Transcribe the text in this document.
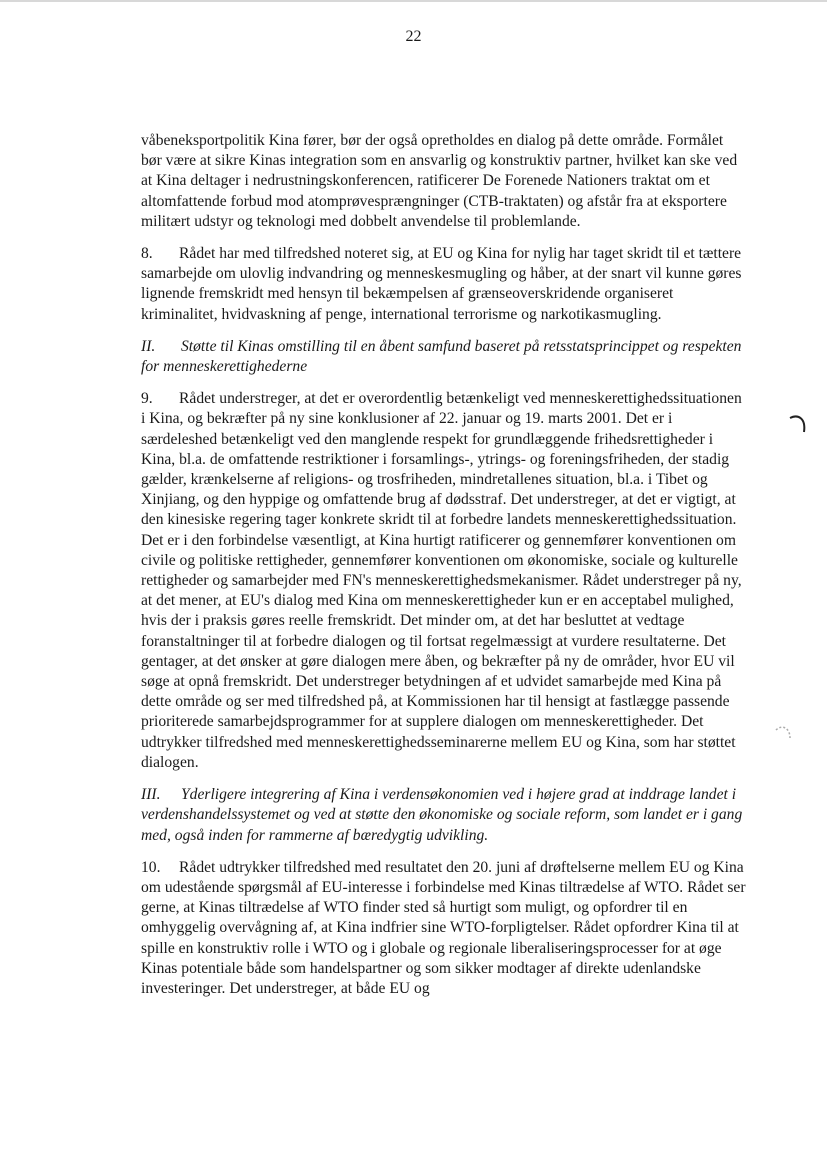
22

våbeneksportpolitik Kina fører, bør der også opretholdes en dialog på dette område. Formålet bør være at sikre Kinas integration som en ansvarlig og konstruktiv partner, hvilket kan ske ved at Kina deltager i nedrustningskonferencen, ratificerer De Forenede Nationers traktat om et altomfattende forbud mod atomprøvesprængninger (CTB-traktaten) og afstår fra at eksportere militært udstyr og teknologi med dobbelt anvendelse til problemlande.

8. Rådet har med tilfredshed noteret sig, at EU og Kina for nylig har taget skridt til et tættere samarbejde om ulovlig indvandring og menneskesmugling og håber, at der snart vil kunne gøres lignende fremskridt med hensyn til bekæmpelsen af grænseoverskridende organiseret kriminalitet, hvidvaskning af penge, international terrorisme og narkotikasmugling.

II. Støtte til Kinas omstilling til en åbent samfund baseret på retsstatsprincippet og respekten for menneskerettighederne

9. Rådet understreger, at det er overordentlig betænkeligt ved menneskerettighedssituationen i Kina, og bekræfter på ny sine konklusioner af 22. januar og 19. marts 2001. Det er i særdeleshed betænkeligt ved den manglende respekt for grundlæggende frihedsrettigheder i Kina, bl.a. de omfattende restriktioner i forsamlings-, ytrings- og foreningsfriheden, der stadig gælder, krænkelserne af religions- og trosfriheden, mindretallenes situation, bl.a. i Tibet og Xinjiang, og den hyppige og omfattende brug af dødsstraf. Det understreger, at det er vigtigt, at den kinesiske regering tager konkrete skridt til at forbedre landets menneskerettighedssituation. Det er i den forbindelse væsentligt, at Kina hurtigt ratificerer og gennemfører konventionen om civile og politiske rettigheder, gennemfører konventionen om økonomiske, sociale og kulturelle rettigheder og samarbejder med FN's menneskerettighedsmekanismer. Rådet understreger på ny, at det mener, at EU's dialog med Kina om menneskerettigheder kun er en acceptabel mulighed, hvis der i praksis gøres reelle fremskridt. Det minder om, at det har besluttet at vedtage foranstaltninger til at forbedre dialogen og til fortsat regelmæssigt at vurdere resultaterne. Det gentager, at det ønsker at gøre dialogen mere åben, og bekræfter på ny de områder, hvor EU vil søge at opnå fremskridt. Det understreger betydningen af et udvidet samarbejde med Kina på dette område og ser med tilfredshed på, at Kommissionen har til hensigt at fastlægge passende prioriterede samarbejdsprogrammer for at supplere dialogen om menneskerettigheder. Det udtrykker tilfredshed med menneskerettighedsseminarerne mellem EU og Kina, som har støttet dialogen.

III. Yderligere integrering af Kina i verdensøkonomien ved i højere grad at inddrage landet i verdenshandelssystemet og ved at støtte den økonomiske og sociale reform, som landet er i gang med, også inden for rammerne af bæredygtig udvikling.

10. Rådet udtrykker tilfredshed med resultatet den 20. juni af drøftelserne mellem EU og Kina om udestående spørgsmål af EU-interesse i forbindelse med Kinas tiltrædelse af WTO. Rådet ser gerne, at Kinas tiltrædelse af WTO finder sted så hurtigt som muligt, og opfordrer til en omhyggelig overvågning af, at Kina indfrier sine WTO-forpligtelser. Rådet opfordrer Kina til at spille en konstruktiv rolle i WTO og i globale og regionale liberaliseringsprocesser for at øge Kinas potentiale både som handelspartner og som sikker modtager af direkte udenlandske investeringer. Det understreger, at både EU og
